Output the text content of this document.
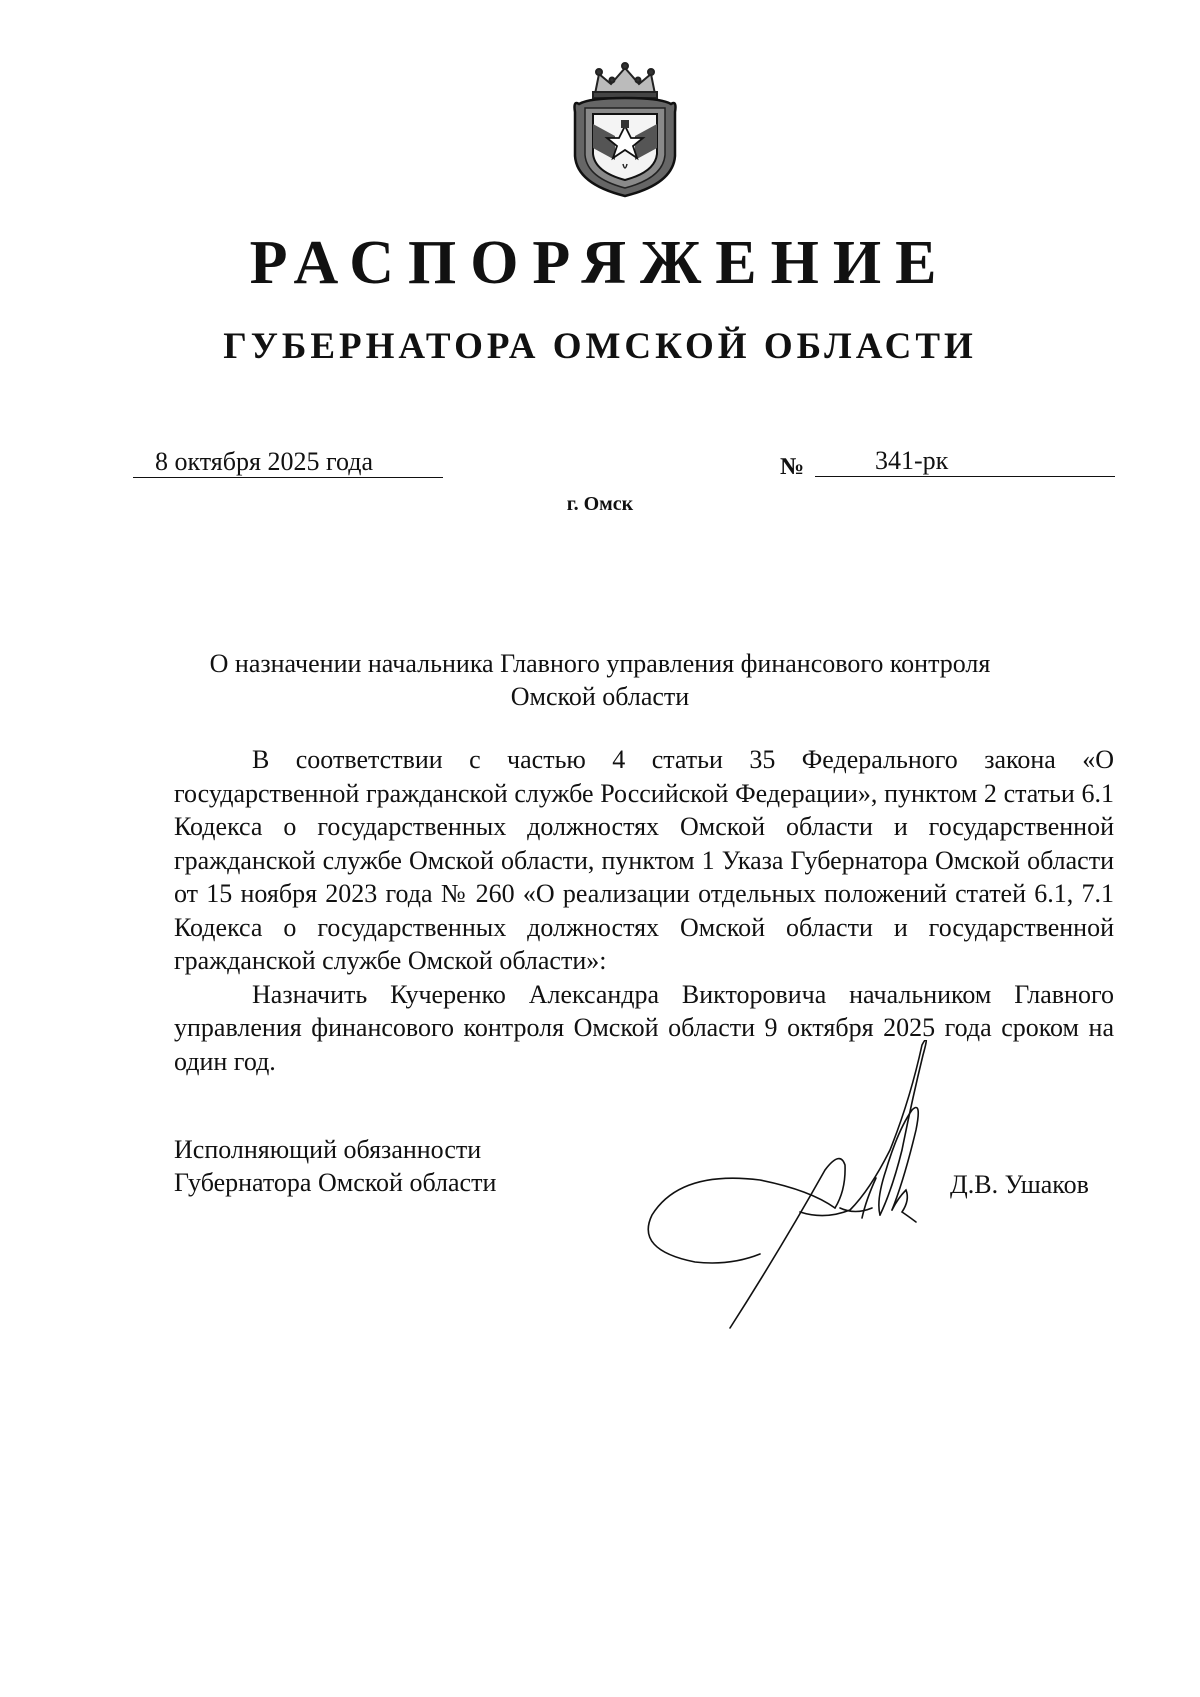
РАСПОРЯЖЕНИЕ
ГУБЕРНАТОРА ОМСКОЙ ОБЛАСТИ
8 октября 2025 года	№	341-рк
г. Омск
О назначении начальника Главного управления финансового контроля
Омской области

В соответствии с частью 4 статьи 35 Федерального закона «О государственной гражданской службе Российской Федерации», пунктом 2 статьи 6.1 Кодекса о государственных должностях Омской области и государственной гражданской службе Омской области, пунктом 1 Указа Губернатора Омской области от 15 ноября 2023 года № 260 «О реализации отдельных положений статей 6.1, 7.1 Кодекса о государственных должностях Омской области и государственной гражданской службе Омской области»:

Назначить Кучеренко Александра Викторовича начальником Главного управления финансового контроля Омской области 9 октября 2025 года сроком на один год.

Исполняющий обязанности
Губернатора Омской области	Д.В. Ушаков
